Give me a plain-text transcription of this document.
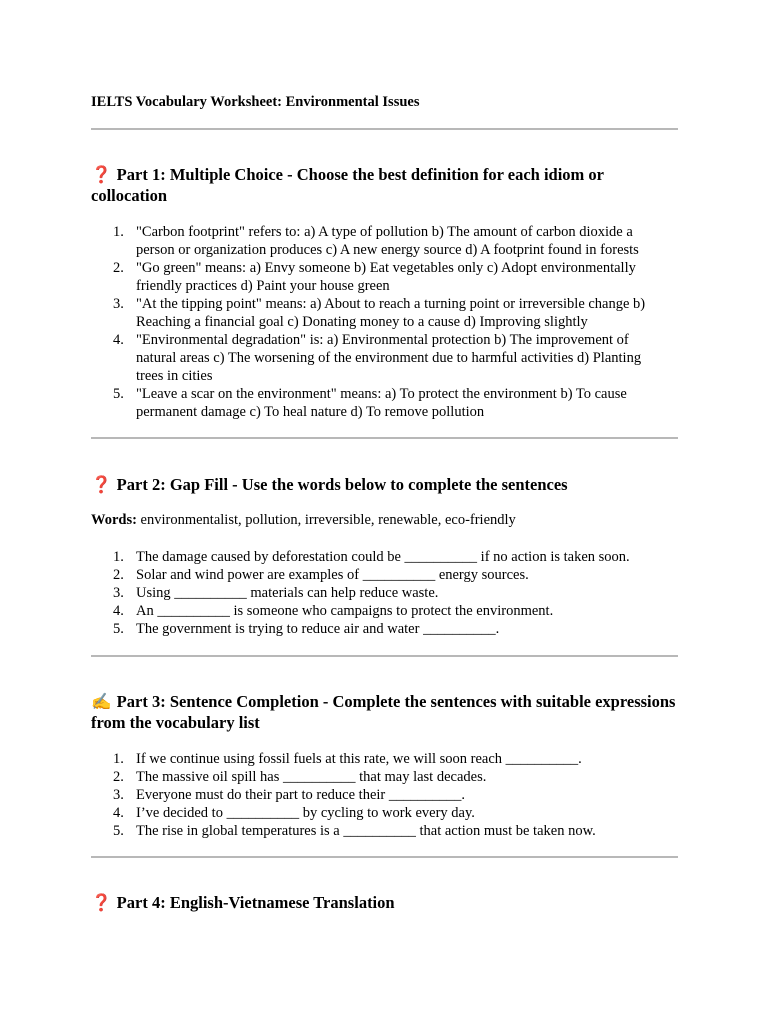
IELTS Vocabulary Worksheet: Environmental Issues
❓ Part 1: Multiple Choice - Choose the best definition for each idiom or collocation
1. "Carbon footprint" refers to: a) A type of pollution b) The amount of carbon dioxide a person or organization produces c) A new energy source d) A footprint found in forests
2. "Go green" means: a) Envy someone b) Eat vegetables only c) Adopt environmentally friendly practices d) Paint your house green
3. "At the tipping point" means: a) About to reach a turning point or irreversible change b) Reaching a financial goal c) Donating money to a cause d) Improving slightly
4. "Environmental degradation" is: a) Environmental protection b) The improvement of natural areas c) The worsening of the environment due to harmful activities d) Planting trees in cities
5. "Leave a scar on the environment" means: a) To protect the environment b) To cause permanent damage c) To heal nature d) To remove pollution
❓ Part 2: Gap Fill - Use the words below to complete the sentences
Words: environmentalist, pollution, irreversible, renewable, eco-friendly
1. The damage caused by deforestation could be __________ if no action is taken soon.
2. Solar and wind power are examples of __________ energy sources.
3. Using __________ materials can help reduce waste.
4. An __________ is someone who campaigns to protect the environment.
5. The government is trying to reduce air and water __________.
✍ Part 3: Sentence Completion - Complete the sentences with suitable expressions from the vocabulary list
1. If we continue using fossil fuels at this rate, we will soon reach __________.
2. The massive oil spill has __________ that may last decades.
3. Everyone must do their part to reduce their __________.
4. I’ve decided to __________ by cycling to work every day.
5. The rise in global temperatures is a __________ that action must be taken now.
❓ Part 4: English-Vietnamese Translation
